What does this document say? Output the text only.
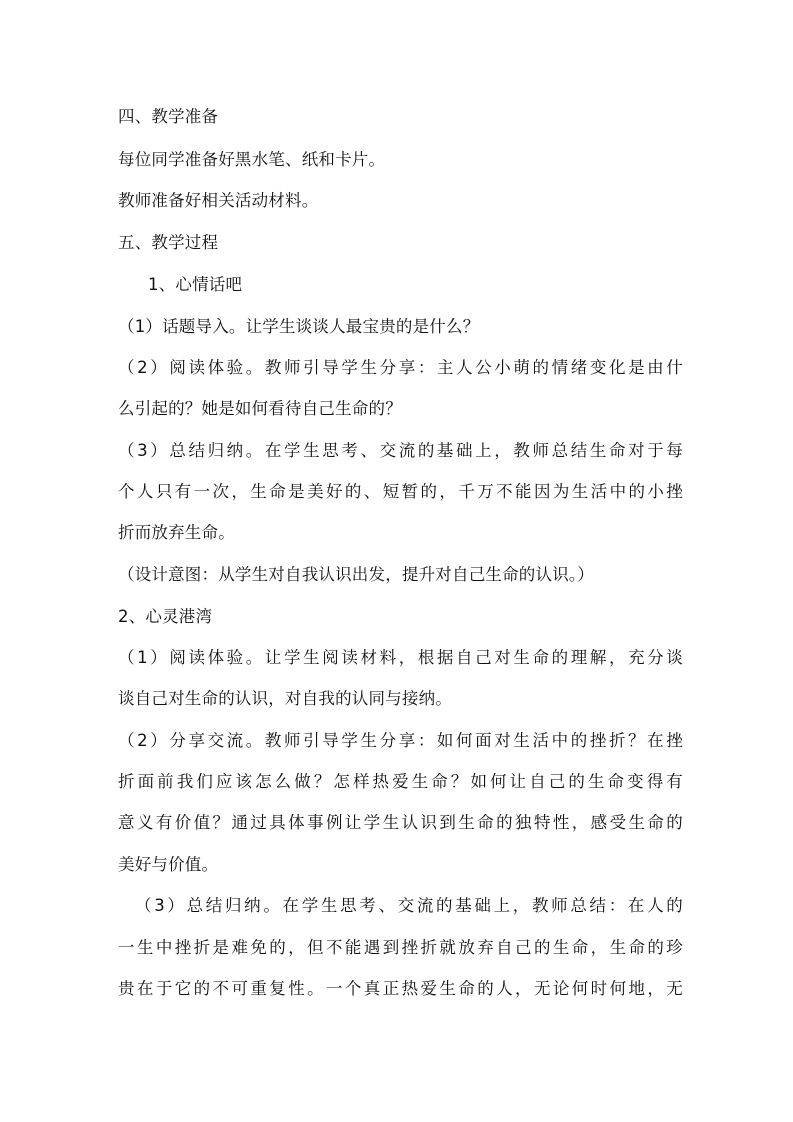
四、教学准备
每位同学准备好黑水笔、纸和卡片。
教师准备好相关活动材料。
五、教学过程
1、心情话吧
（1）话题导入。让学生谈谈人最宝贵的是什么？
（2）阅读体验。教师引导学生分享：主人公小萌的情绪变化是由什
么引起的？她是如何看待自己生命的？
（3）总结归纳。在学生思考、交流的基础上，教师总结生命对于每
个人只有一次，生命是美好的、短暂的，千万不能因为生活中的小挫
折而放弃生命。
（设计意图：从学生对自我认识出发，提升对自己生命的认识。）
2、心灵港湾
（1）阅读体验。让学生阅读材料，根据自己对生命的理解，充分谈
谈自己对生命的认识，对自我的认同与接纳。
（2）分享交流。教师引导学生分享：如何面对生活中的挫折？在挫
折面前我们应该怎么做？怎样热爱生命？如何让自己的生命变得有
意义有价值？通过具体事例让学生认识到生命的独特性，感受生命的
美好与价值。
（3）总结归纳。在学生思考、交流的基础上，教师总结：在人的
一生中挫折是难免的，但不能遇到挫折就放弃自己的生命，生命的珍
贵在于它的不可重复性。一个真正热爱生命的人，无论何时何地，无
